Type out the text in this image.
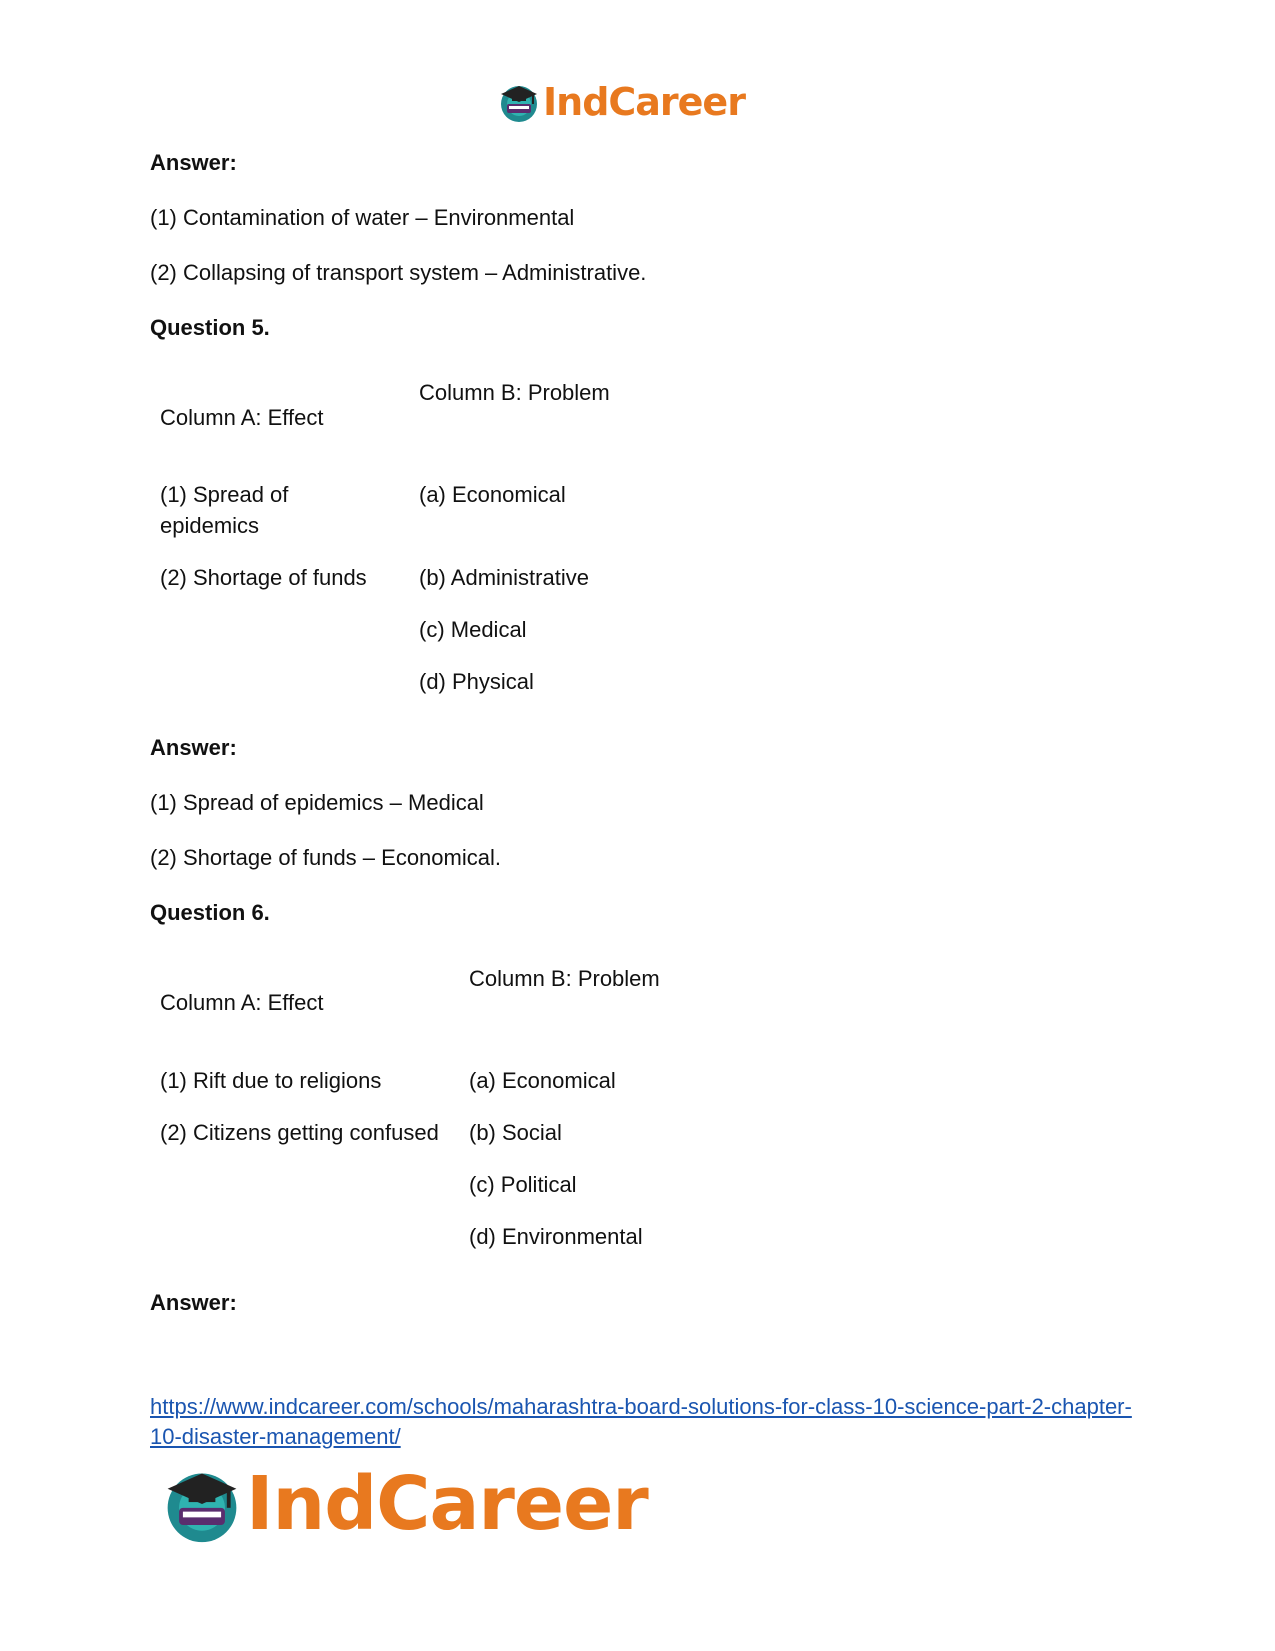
IndCareer
Answer:
(1) Contamination of water – Environmental
(2) Collapsing of transport system – Administrative.
Question 5.
Column A: Effect
Column B: Problem
(1) Spread of
epidemics
(2) Shortage of funds
(a) Economical
(b) Administrative
(c) Medical
(d) Physical
Answer:
(1) Spread of epidemics – Medical
(2) Shortage of funds – Economical.
Question 6.
Column A: Effect
Column B: Problem
(1) Rift due to religions
(2) Citizens getting confused
(a) Economical
(b) Social
(c) Political
(d) Environmental
Answer:
https://www.indcareer.com/schools/maharashtra-board-solutions-for-class-10-science-part-2-chapter-10-disaster-management/
IndCareer
